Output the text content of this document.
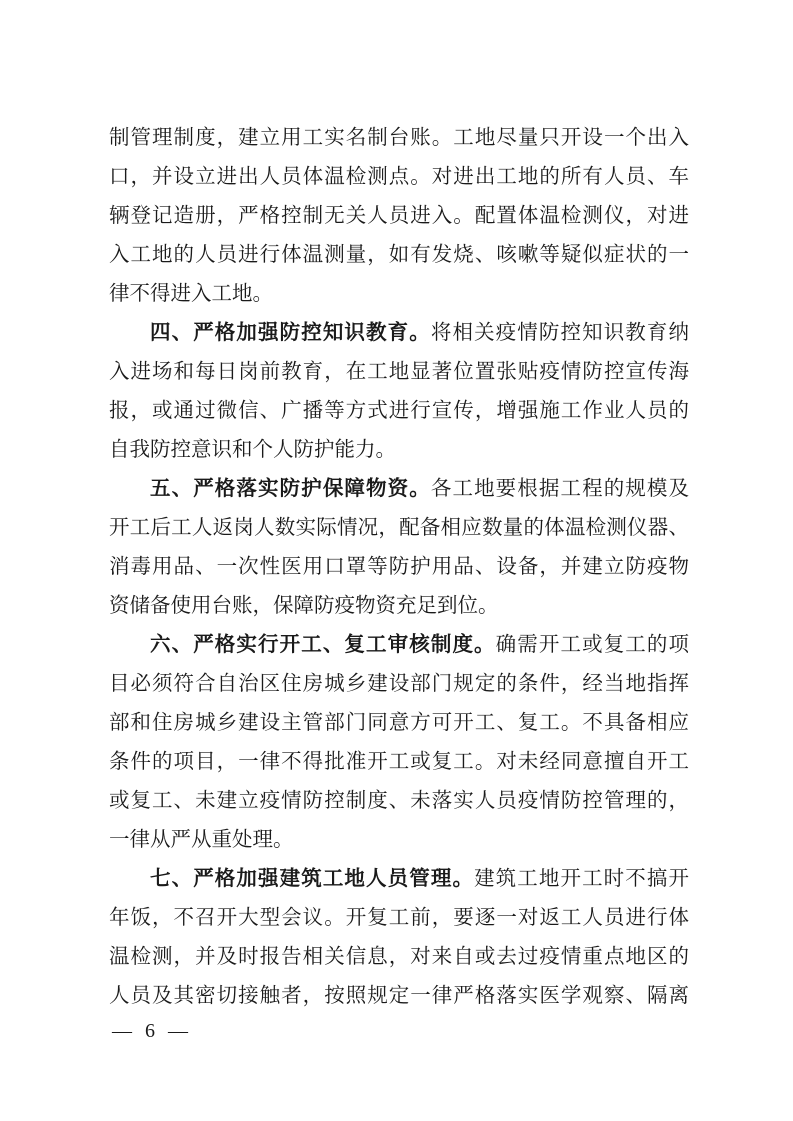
制管理制度，建立用工实名制台账。工地尽量只开设一个出入
口，并设立进出人员体温检测点。对进出工地的所有人员、车
辆登记造册，严格控制无关人员进入。配置体温检测仪，对进
入工地的人员进行体温测量，如有发烧、咳嗽等疑似症状的一
律不得进入工地。
四、严格加强防控知识教育。将相关疫情防控知识教育纳
入进场和每日岗前教育，在工地显著位置张贴疫情防控宣传海
报，或通过微信、广播等方式进行宣传，增强施工作业人员的
自我防控意识和个人防护能力。
五、严格落实防护保障物资。各工地要根据工程的规模及
开工后工人返岗人数实际情况，配备相应数量的体温检测仪器、
消毒用品、一次性医用口罩等防护用品、设备，并建立防疫物
资储备使用台账，保障防疫物资充足到位。
六、严格实行开工、复工审核制度。确需开工或复工的项
目必须符合自治区住房城乡建设部门规定的条件，经当地指挥
部和住房城乡建设主管部门同意方可开工、复工。不具备相应
条件的项目，一律不得批准开工或复工。对未经同意擅自开工
或复工、未建立疫情防控制度、未落实人员疫情防控管理的，
一律从严从重处理。
七、严格加强建筑工地人员管理。建筑工地开工时不搞开
年饭，不召开大型会议。开复工前，要逐一对返工人员进行体
温检测，并及时报告相关信息，对来自或去过疫情重点地区的
人员及其密切接触者，按照规定一律严格落实医学观察、隔离
— 6 —
